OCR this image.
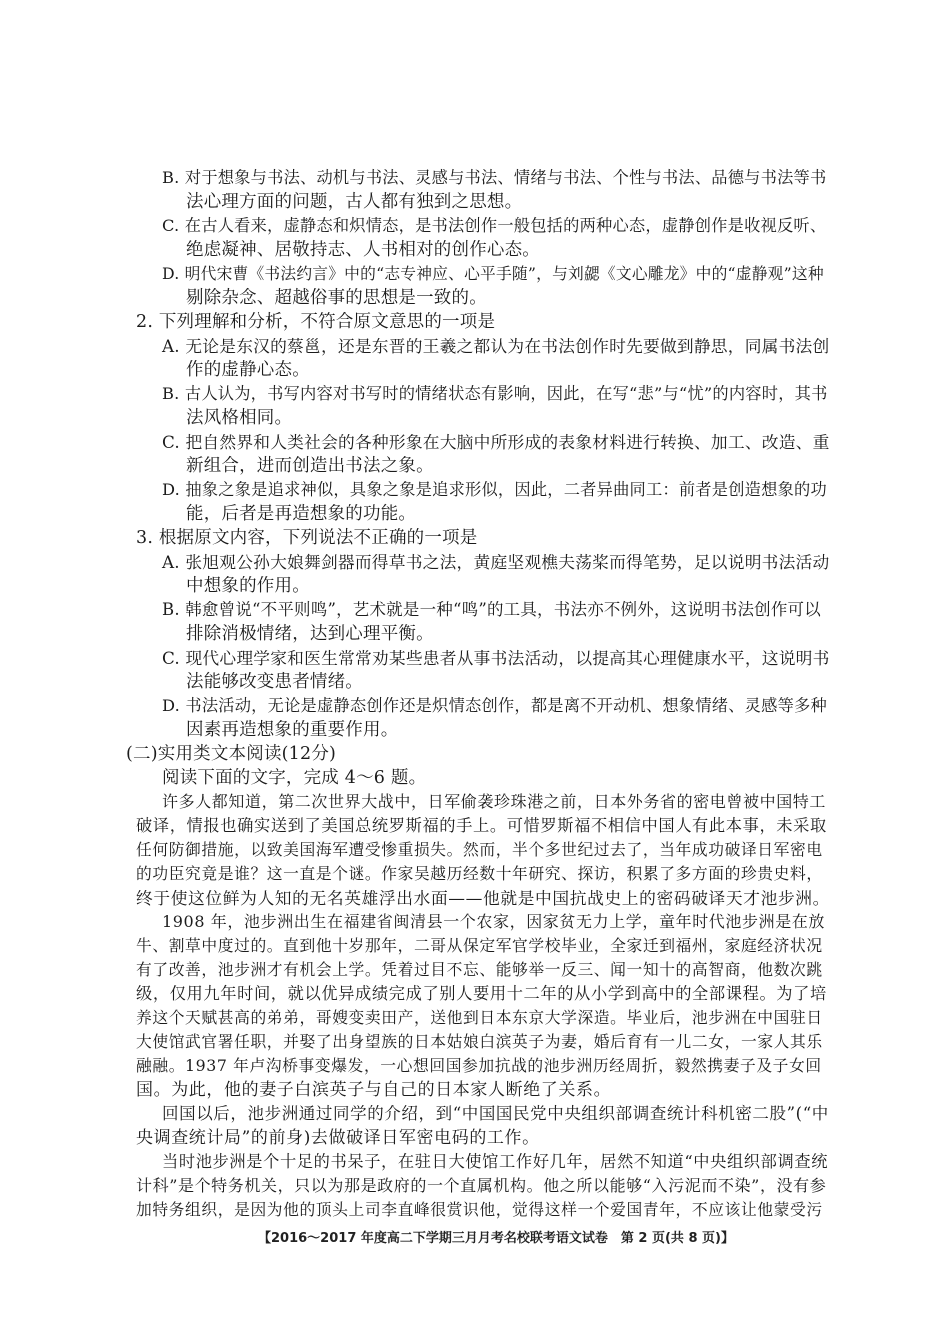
B. 对于想象与书法、动机与书法、灵感与书法、情绪与书法、个性与书法、品德与书法等书
法心理方面的问题，古人都有独到之思想。
C. 在古人看来，虚静态和炽情态，是书法创作一般包括的两种心态，虚静创作是收视反听、
绝虑凝神、居敬持志、人书相对的创作心态。
D. 明代宋曹《书法约言》中的“志专神应、心平手随”，与刘勰《文心雕龙》中的“虚静观”这种
剔除杂念、超越俗事的思想是一致的。
2. 下列理解和分析，不符合原文意思的一项是
A. 无论是东汉的蔡邕，还是东晋的王羲之都认为在书法创作时先要做到静思，同属书法创
作的虚静心态。
B. 古人认为，书写内容对书写时的情绪状态有影响，因此，在写“悲”与“忧”的内容时，其书
法风格相同。
C. 把自然界和人类社会的各种形象在大脑中所形成的表象材料进行转换、加工、改造、重
新组合，进而创造出书法之象。
D. 抽象之象是追求神似，具象之象是追求形似，因此，二者异曲同工：前者是创造想象的功
能，后者是再造想象的功能。
3. 根据原文内容，下列说法不正确的一项是
A. 张旭观公孙大娘舞剑器而得草书之法，黄庭坚观樵夫荡桨而得笔势，足以说明书法活动
中想象的作用。
B. 韩愈曾说“不平则鸣”，艺术就是一种“鸣”的工具，书法亦不例外，这说明书法创作可以
排除消极情绪，达到心理平衡。
C. 现代心理学家和医生常常劝某些患者从事书法活动，以提高其心理健康水平，这说明书
法能够改变患者情绪。
D. 书法活动，无论是虚静态创作还是炽情态创作，都是离不开动机、想象情绪、灵感等多种
因素再造想象的重要作用。
(二)实用类文本阅读(12分)
阅读下面的文字，完成 4～6 题。
许多人都知道，第二次世界大战中，日军偷袭珍珠港之前，日本外务省的密电曾被中国特工
破译，情报也确实送到了美国总统罗斯福的手上。可惜罗斯福不相信中国人有此本事，未采取
任何防御措施，以致美国海军遭受惨重损失。然而，半个多世纪过去了，当年成功破译日军密电
的功臣究竟是谁？这一直是个谜。作家吴越历经数十年研究、探访，积累了多方面的珍贵史料，
终于使这位鲜为人知的无名英雄浮出水面——他就是中国抗战史上的密码破译天才池步洲。
1908 年，池步洲出生在福建省闽清县一个农家，因家贫无力上学，童年时代池步洲是在放
牛、割草中度过的。直到他十岁那年，二哥从保定军官学校毕业，全家迁到福州，家庭经济状况
有了改善，池步洲才有机会上学。凭着过目不忘、能够举一反三、闻一知十的高智商，他数次跳
级，仅用九年时间，就以优异成绩完成了别人要用十二年的从小学到高中的全部课程。为了培
养这个天赋甚高的弟弟，哥嫂变卖田产，送他到日本东京大学深造。毕业后，池步洲在中国驻日
大使馆武官署任职，并娶了出身望族的日本姑娘白滨英子为妻，婚后育有一儿二女，一家人其乐
融融。1937 年卢沟桥事变爆发，一心想回国参加抗战的池步洲历经周折，毅然携妻子及子女回
国。为此，他的妻子白滨英子与自己的日本家人断绝了关系。
回国以后，池步洲通过同学的介绍，到“中国国民党中央组织部调查统计科机密二股”(“中
央调查统计局”的前身)去做破译日军密电码的工作。
当时池步洲是个十足的书呆子，在驻日大使馆工作好几年，居然不知道“中央组织部调查统
计科”是个特务机关，只以为那是政府的一个直属机构。他之所以能够“入污泥而不染”，没有参
加特务组织，是因为他的顶头上司李直峰很赏识他，觉得这样一个爱国青年，不应该让他蒙受污
【2016～2017 年度高二下学期三月月考名校联考语文试卷　第 2 页(共 8 页)】
